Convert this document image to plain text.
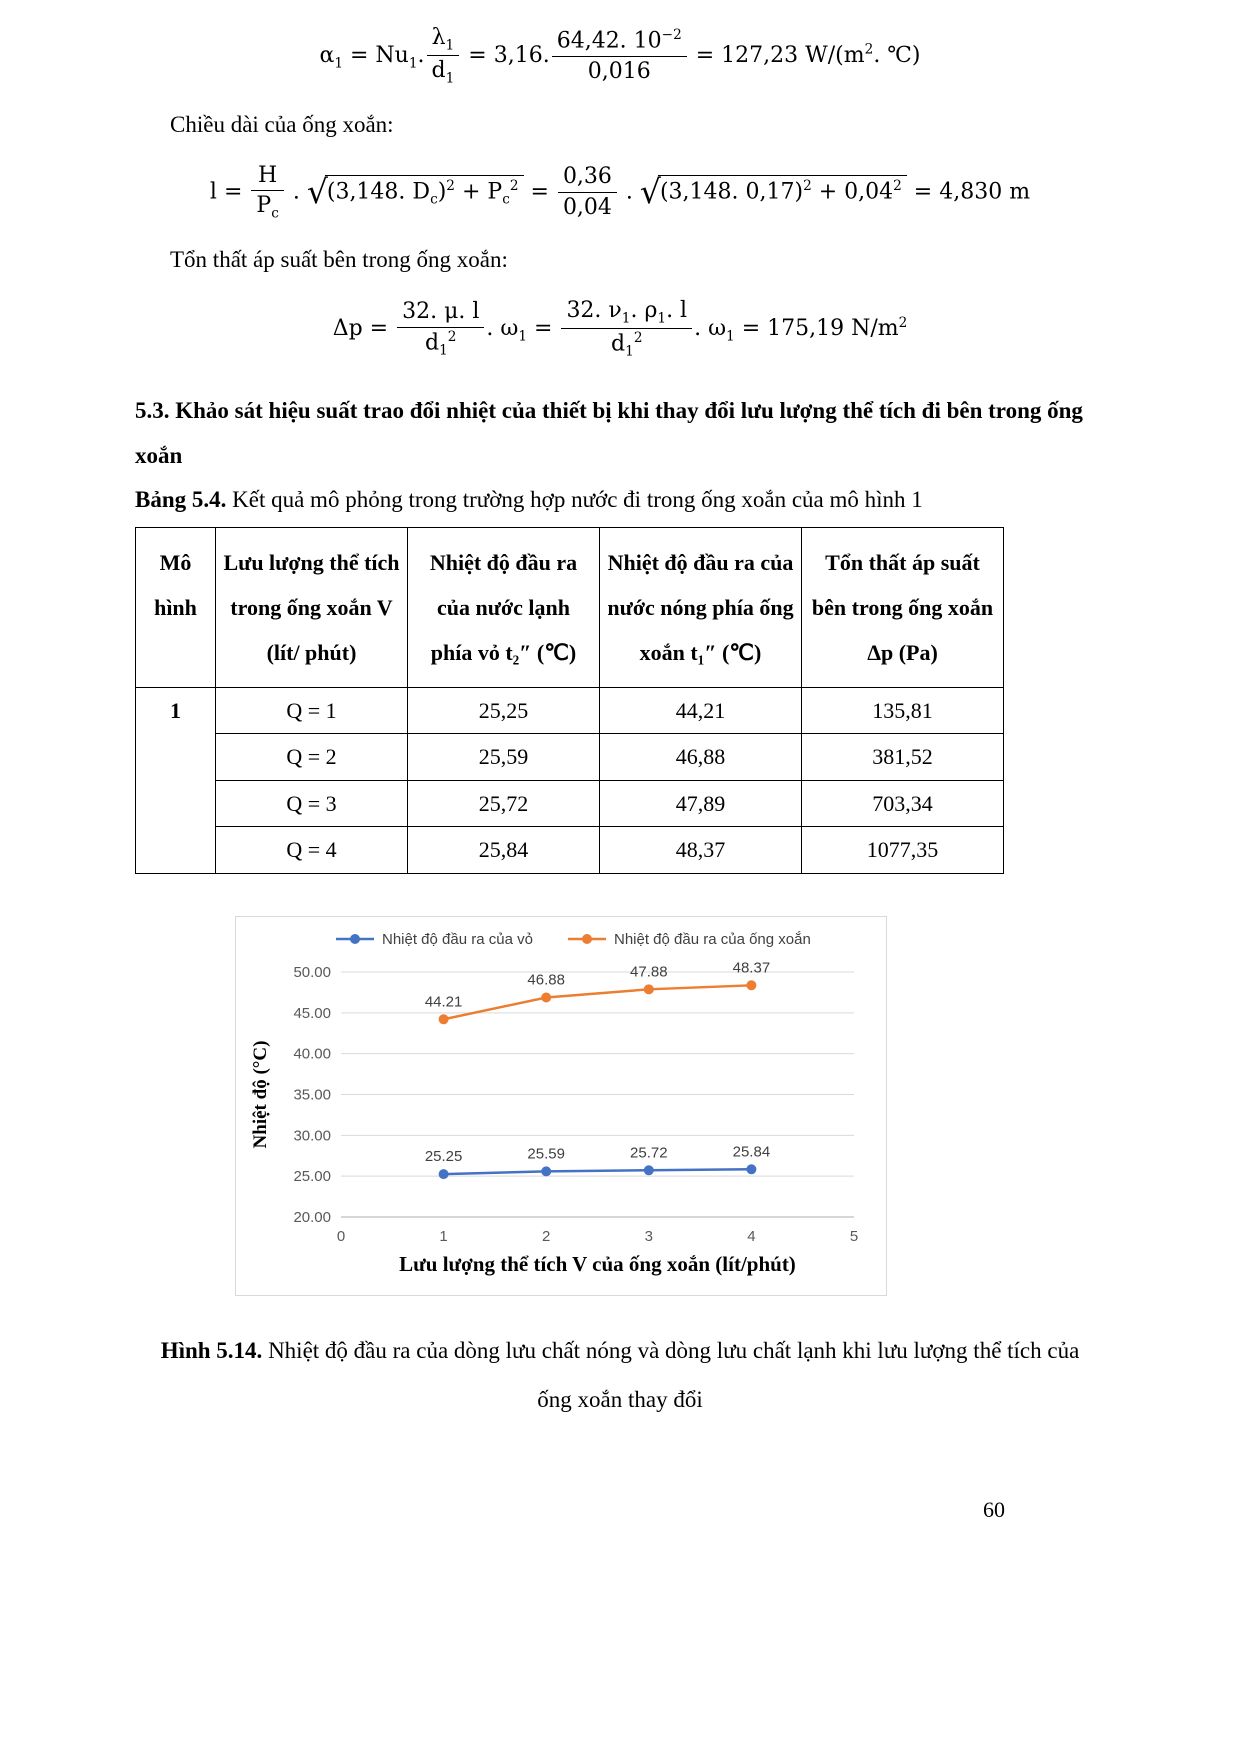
$\alpha_1 = Nu_1$. $\frac{\lambda_1}{d_1} = 3,16$. $\frac{64,42. 10^{-2}}{0,016} = 127,23$ $W/(m^2$. ℃)

Chiều dài của ống xoắn:

$l = \frac{H}{P_c}$ . √ (3,148. $D_c)^2 + P_c^2 = \frac{0,36}{0,04}$ . √ (3,148. $0,17)^2 + 0,04^2 = 4,830$ m

Tổn thất áp suất bên trong ống xoắn:

$\Delta p = \frac{32. \mu. l}{d_1^2}$ . $\omega_1 = \frac{32. \nu_1. \rho_1. l}{d_1^2}$ . $\omega_1 = 175,19$ $N/m^2$
5.3. Khảo sát hiệu suất trao đổi nhiệt của thiết bị khi thay đổi lưu lượng thể tích đi bên trong ống xoắn

Bảng 5.4. Kết quả mô phỏng trong trường hợp nước đi trong ống xoắn của mô hình 1

Mô hình	Lưu lượng thể tích trong ống xoắn V (lít/ phút)	Nhiệt độ đầu ra của nước lạnh phía vỏ t₂″ (℃)	Nhiệt độ đầu ra của nước nóng phía ống xoắn t₁″ (℃)	Tổn thất áp suất bên trong ống xoắn Δp (Pa)
1	Q = 1	25,25	44,21	135,81
	Q = 2	25,59	46,88	381,52
	Q = 3	25,72	47,89	703,34
	Q = 4	25,84	48,37	1077,35
20.00
25.00
30.00
35.00
40.00
45.00
50.00
0	1	2	3	4	5
25.25	25.59	25.72	25.84
44.21
46.88	47.88	48.37
Nhiệt độ đầu ra của vỏ	Nhiệt độ đầu ra của ống xoắn
Nhiệt độ (°C)
Lưu lượng thể tích V của ống xoắn (lít/phút)

Hình 5.14. Nhiệt độ đầu ra của dòng lưu chất nóng và dòng lưu chất lạnh khi lưu lượng thể tích của ống xoắn thay đổi

60
